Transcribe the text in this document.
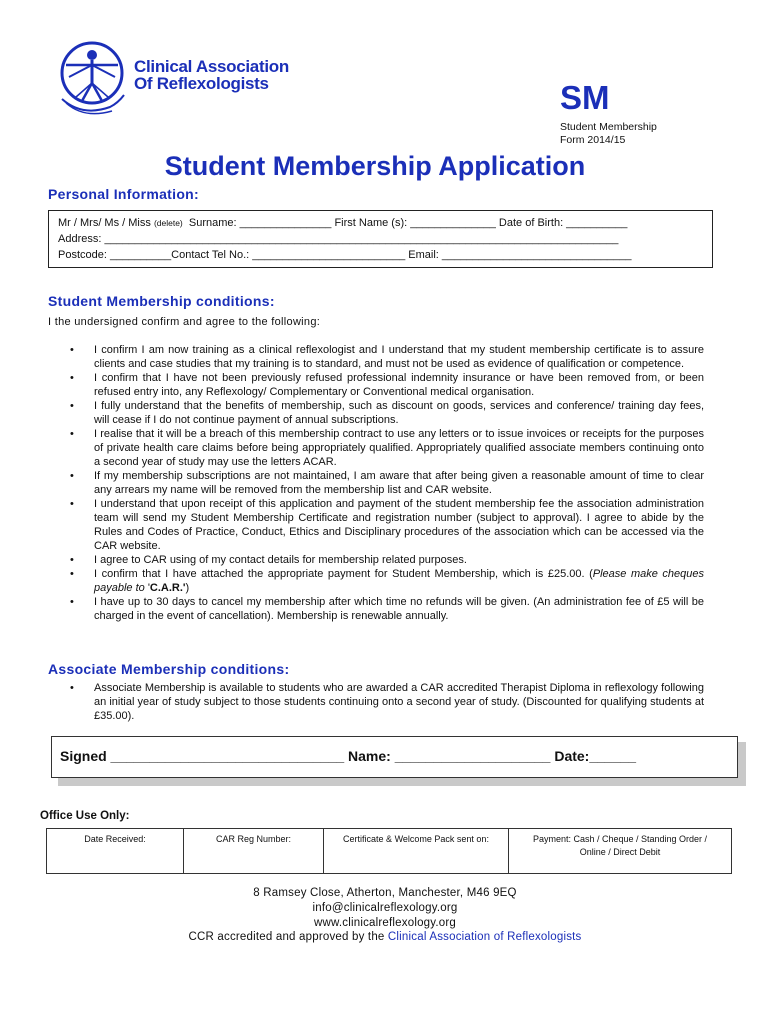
Clinical Association
Of Reflexologists	SM
Student Membership
Form 2014/15
Student Membership Application
Personal Information:
Mr / Mrs/ Ms / Miss (delete)  Surname: _______________ First Name (s): ______________ Date of Birth: __________
Address: ____________________________________________________________________________________
Postcode: __________Contact Tel No.: _________________________ Email: _______________________________
Student Membership conditions:
I the undersigned confirm and agree to the following:
• I confirm I am now training as a clinical reflexologist and I understand that my student membership certificate is to assure clients and case studies that my training is to standard, and must not be used as evidence of qualification or competence.
• I confirm that I have not been previously refused professional indemnity insurance or have been removed from, or been refused entry into, any Reflexology/ Complementary or Conventional medical organisation.
• I fully understand that the benefits of membership, such as discount on goods, services and conference/ training day fees, will cease if I do not continue payment of annual subscriptions.
• I realise that it will be a breach of this membership contract to use any letters or to issue invoices or receipts for the purposes of private health care claims before being appropriately qualified. Appropriately qualified associate members continuing onto a second year of study may use the letters ACAR.
• If my membership subscriptions are not maintained, I am aware that after being given a reasonable amount of time to clear any arrears my name will be removed from the membership list and CAR website.
• I understand that upon receipt of this application and payment of the student membership fee the association administration team will send my Student Membership Certificate and registration number (subject to approval). I agree to abide by the Rules and Codes of Practice, Conduct, Ethics and Disciplinary procedures of the association which can be accessed via the CAR website.
• I agree to CAR using of my contact details for membership related purposes.
• I confirm that I have attached the appropriate payment for Student Membership, which is £25.00. (Please make cheques payable to 'C.A.R.')
• I have up to 30 days to cancel my membership after which time no refunds will be given. (An administration fee of £5 will be charged in the event of cancellation). Membership is renewable annually.
Associate Membership conditions:
• Associate Membership is available to students who are awarded a CAR accredited Therapist Diploma in reflexology following an initial year of study subject to those students continuing onto a second year of study. (Discounted for qualifying students at £35.00).
Signed ______________________________ Name: ____________________ Date:______
Office Use Only:
Date Received:	CAR Reg Number:	Certificate & Welcome Pack sent on:	Payment: Cash / Cheque / Standing Order / Online / Direct Debit
8 Ramsey Close, Atherton, Manchester, M46 9EQ
info@clinicalreflexology.org
www.clinicalreflexology.org
CCR accredited and approved by the Clinical Association of Reflexologists
